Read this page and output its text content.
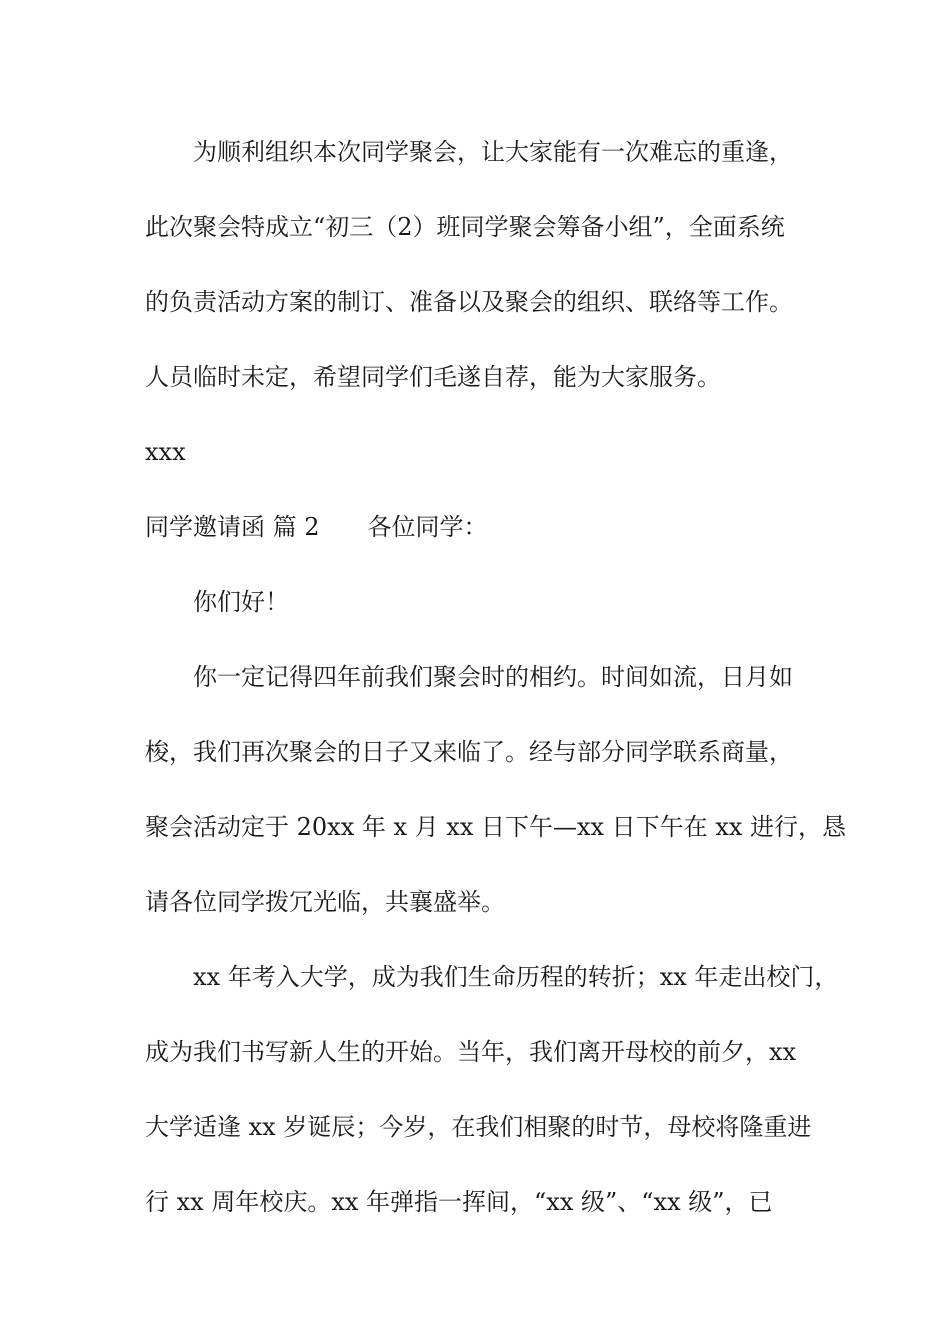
为顺利组织本次同学聚会，让大家能有一次难忘的重逢，
此次聚会特成立“初三（2）班同学聚会筹备小组”，全面系统
的负责活动方案的制订、准备以及聚会的组织、联络等工作。
人员临时未定，希望同学们毛遂自荐，能为大家服务。
xxx
同学邀请函 篇 2 各位同学：
你们好！
你一定记得四年前我们聚会时的相约。时间如流，日月如
梭，我们再次聚会的日子又来临了。经与部分同学联系商量，
聚会活动定于 20xx 年 x 月 xx 日下午—xx 日下午在 xx 进行，恳
请各位同学拨冗光临，共襄盛举。
xx 年考入大学，成为我们生命历程的转折；xx 年走出校门，
成为我们书写新人生的开始。当年，我们离开母校的前夕，xx
大学适逢 xx 岁诞辰；今岁，在我们相聚的时节，母校将隆重进
行 xx 周年校庆。xx 年弹指一挥间，“xx 级”、“xx 级”，已
